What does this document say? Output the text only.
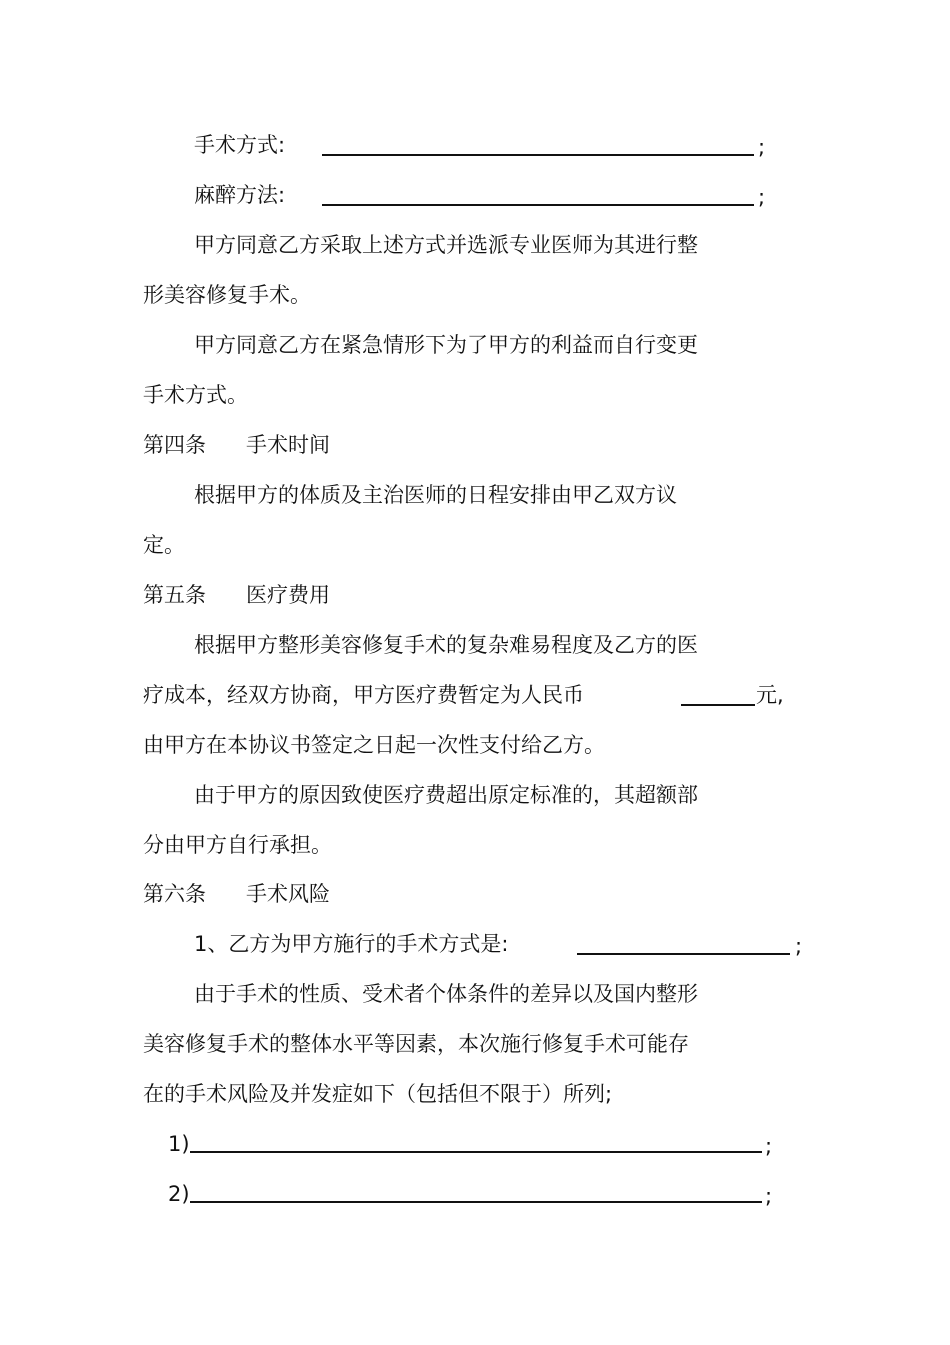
手术方式:	;
麻醉方法:	;
甲方同意乙方采取上述方式并选派专业医师为其进行整
形美容修复手术。
甲方同意乙方在紧急情形下为了甲方的利益而自行变更
手术方式。
第四条 手术时间
根据甲方的体质及主治医师的日程安排由甲乙双方议
定。
第五条 医疗费用
根据甲方整形美容修复手术的复杂难易程度及乙方的医
疗成本，经双方协商，甲方医疗费暂定为人民币	元,
由甲方在本协议书签定之日起一次性支付给乙方。
由于甲方的原因致使医疗费超出原定标准的，其超额部
分由甲方自行承担。
第六条 手术风险
1、乙方为甲方施行的手术方式是:	;
由于手术的性质、受术者个体条件的差异以及国内整形
美容修复手术的整体水平等因素，本次施行修复手术可能存
在的手术风险及并发症如下（包括但不限于）所列;
1)	;
2)	;
